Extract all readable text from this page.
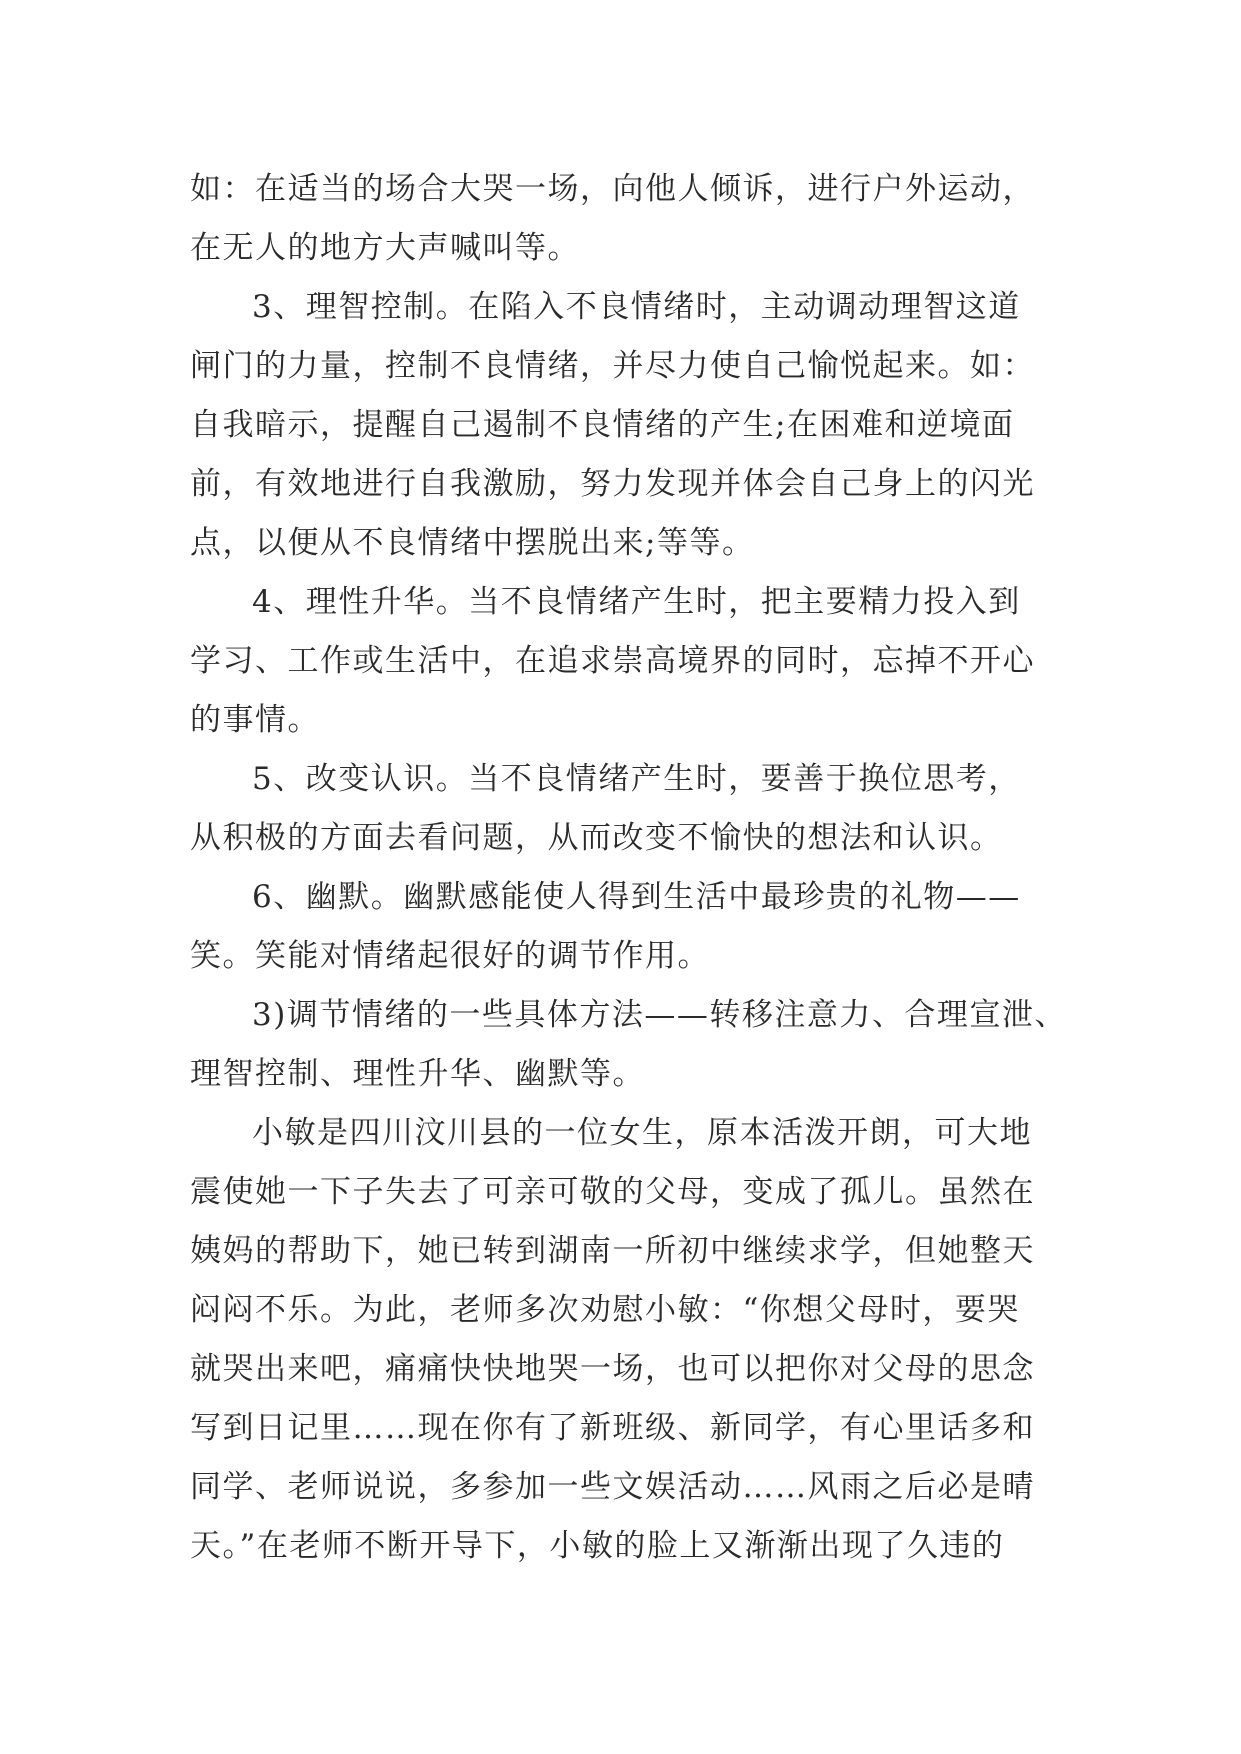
如：在适当的场合大哭一场，向他人倾诉，进行户外运动，
在无人的地方大声喊叫等。
3、理智控制。在陷入不良情绪时，主动调动理智这道
闸门的力量，控制不良情绪，并尽力使自己愉悦起来。如：
自我暗示，提醒自己遏制不良情绪的产生;在困难和逆境面
前，有效地进行自我激励，努力发现并体会自己身上的闪光
点，以便从不良情绪中摆脱出来;等等。
4、理性升华。当不良情绪产生时，把主要精力投入到
学习、工作或生活中，在追求崇高境界的同时，忘掉不开心
的事情。
5、改变认识。当不良情绪产生时，要善于换位思考，
从积极的方面去看问题，从而改变不愉快的想法和认识。
6、幽默。幽默感能使人得到生活中最珍贵的礼物——
笑。笑能对情绪起很好的调节作用。
3)调节情绪的一些具体方法——转移注意力、合理宣泄、
理智控制、理性升华、幽默等。
小敏是四川汶川县的一位女生，原本活泼开朗，可大地
震使她一下子失去了可亲可敬的父母，变成了孤儿。虽然在
姨妈的帮助下，她已转到湖南一所初中继续求学，但她整天
闷闷不乐。为此，老师多次劝慰小敏：“你想父母时，要哭
就哭出来吧，痛痛快快地哭一场，也可以把你对父母的思念
写到日记里……现在你有了新班级、新同学，有心里话多和
同学、老师说说，多参加一些文娱活动……风雨之后必是晴
天。”在老师不断开导下，小敏的脸上又渐渐出现了久违的
